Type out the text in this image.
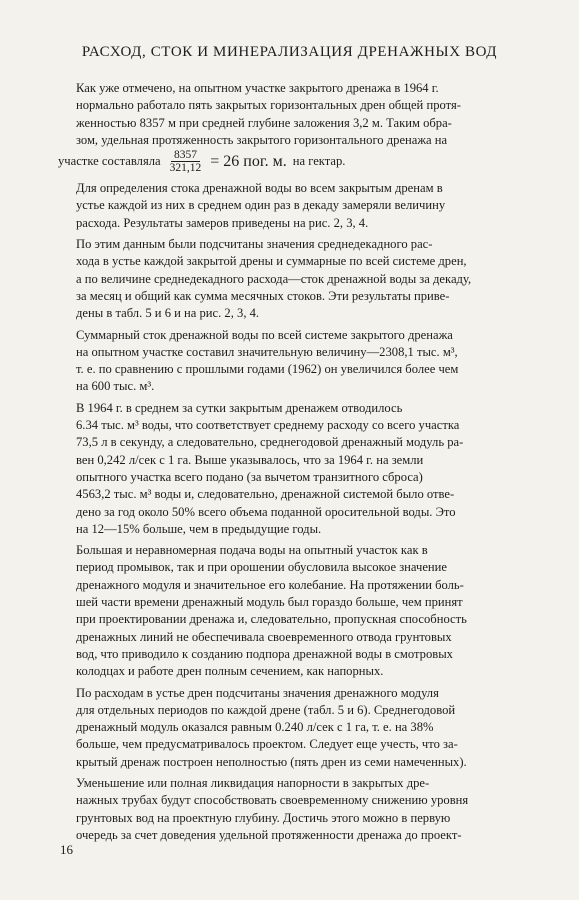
РАСХОД, СТОК И МИНЕРАЛИЗАЦИЯ ДРЕНАЖНЫХ ВОД

Как уже отмечено, на опытном участке закрытого дренажа в 1964 г.
нормально работало пять закрытых горизонтальных дрен общей протя-
женностью 8357 м при средней глубине заложения 3,2 м. Таким обра-
зом, удельная протяженность закрытого горизонтального дренажа на

участке составляла $\frac{8357}{321,12} = 26$ пог. м. на гектар.

Для определения стока дренажной воды во всем закрытым дренам в
устье каждой из них в среднем один раз в декаду замеряли величину
расхода. Результаты замеров приведены на рис. 2, 3, 4.

По этим данным были подсчитаны значения среднедекадного рас-
хода в устье каждой закрытой дрены и суммарные по всей системе дрен,
а по величине среднедекадного расхода—сток дренажной воды за декаду,
за месяц и общий как сумма месячных стоков. Эти результаты приве-
дены в табл. 5 и 6 и на рис. 2, 3, 4.

Суммарный сток дренажной воды по всей системе закрытого дренажа
на опытном участке составил значительную величину—2308,1 тыс. м³,
т. е. по сравнению с прошлыми годами (1962) он увеличился более чем
на 600 тыс. м³.

В 1964 г. в среднем за сутки закрытым дренажем отводилось
6.34 тыс. м³ воды, что соответствует среднему расходу со всего участка
73,5 л в секунду, а следовательно, среднегодовой дренажный модуль ра-
вен 0,242 л/сек с 1 га. Выше указывалось, что за 1964 г. на земли
опытного участка всего подано (за вычетом транзитного сброса)
4563,2 тыс. м³ воды и, следовательно, дренажной системой было отве-
дено за год около 50% всего объема поданной оросительной воды. Это
на 12—15% больше, чем в предыдущие годы.

Большая и неравномерная подача воды на опытный участок как в
период промывок, так и при орошении обусловила высокое значение
дренажного модуля и значительное его колебание. На протяжении боль-
шей части времени дренажный модуль был гораздо больше, чем принят
при проектировании дренажа и, следовательно, пропускная способность
дренажных линий не обеспечивала своевременного отвода грунтовых
вод, что приводило к созданию подпора дренажной воды в смотровых
колодцах и работе дрен полным сечением, как напорных.

По расходам в устье дрен подсчитаны значения дренажного модуля
для отдельных периодов по каждой дрене (табл. 5 и 6). Среднегодовой
дренажный модуль оказался равным 0.240 л/сек с 1 га, т. е. на 38%
больше, чем предусматривалось проектом. Следует еще учесть, что за-
крытый дренаж построен неполностью (пять дрен из семи намеченных).

Уменьшение или полная ликвидация напорности в закрытых дре-
нажных трубах будут способствовать своевременному снижению уровня
грунтовых вод на проектную глубину. Достичь этого можно в первую
очередь за счет доведения удельной протяженности дренажа до проект-

16
